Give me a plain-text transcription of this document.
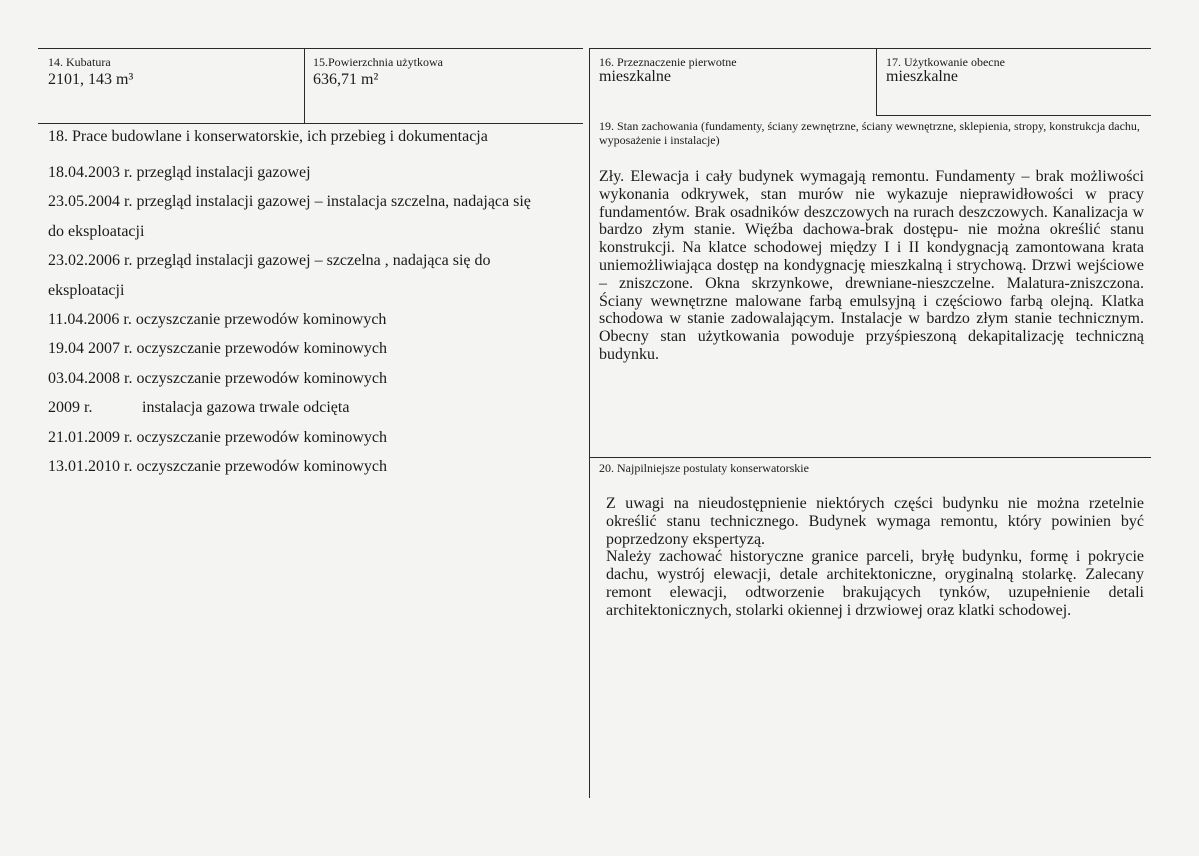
14. Kubatura
2101, 143 m³
15.Powierzchnia użytkowa
636,71 m²
16. Przeznaczenie pierwotne
mieszkalne
17. Użytkowanie obecne
mieszkalne
18. Prace budowlane i konserwatorskie, ich przebieg i dokumentacja
18.04.2003 r. przegląd instalacji gazowej
23.05.2004 r. przegląd instalacji gazowej – instalacja szczelna, nadająca się
do eksploatacji
23.02.2006 r. przegląd instalacji gazowej – szczelna , nadająca się do
eksploatacji
11.04.2006 r. oczyszczanie przewodów kominowych
19.04 2007 r. oczyszczanie przewodów kominowych
03.04.2008 r. oczyszczanie przewodów kominowych
2009 r.	instalacja gazowa trwale odcięta
21.01.2009 r. oczyszczanie przewodów kominowych
13.01.2010 r. oczyszczanie przewodów kominowych
19. Stan zachowania (fundamenty, ściany zewnętrzne, ściany wewnętrzne, sklepienia, stropy, konstrukcja dachu, wyposażenie i instalacje)

Zły. Elewacja i cały budynek wymagają remontu. Fundamenty – brak możliwości wykonania odkrywek, stan murów nie wykazuje nieprawidłowości w pracy fundamentów. Brak osadników deszczowych na rurach deszczowych. Kanalizacja w bardzo złym stanie. Więźba dachowa-brak dostępu- nie można określić stanu konstrukcji. Na klatce schodowej między I i II kondygnacją zamontowana krata uniemożliwiająca dostęp na kondygnację mieszkalną i strychową. Drzwi wejściowe – zniszczone. Okna skrzynkowe, drewniane-nieszczelne. Malatura-zniszczona. Ściany wewnętrzne malowane farbą emulsyjną i częściowo farbą olejną. Klatka schodowa w stanie zadowalającym. Instalacje w bardzo złym stanie technicznym. Obecny stan użytkowania powoduje przyśpieszoną dekapitalizację techniczną budynku.

20. Najpilniejsze postulaty konserwatorskie

Z uwagi na nieudostępnienie niektórych części budynku nie można rzetelnie określić stanu technicznego. Budynek wymaga remontu, który powinien być poprzedzony ekspertyzą.

Należy zachować historyczne granice parceli, bryłę budynku, formę i pokrycie dachu, wystrój elewacji, detale architektoniczne, oryginalną stolarkę. Zalecany remont elewacji, odtworzenie brakujących tynków, uzupełnienie detali architektonicznych, stolarki okiennej i drzwiowej oraz klatki schodowej.
